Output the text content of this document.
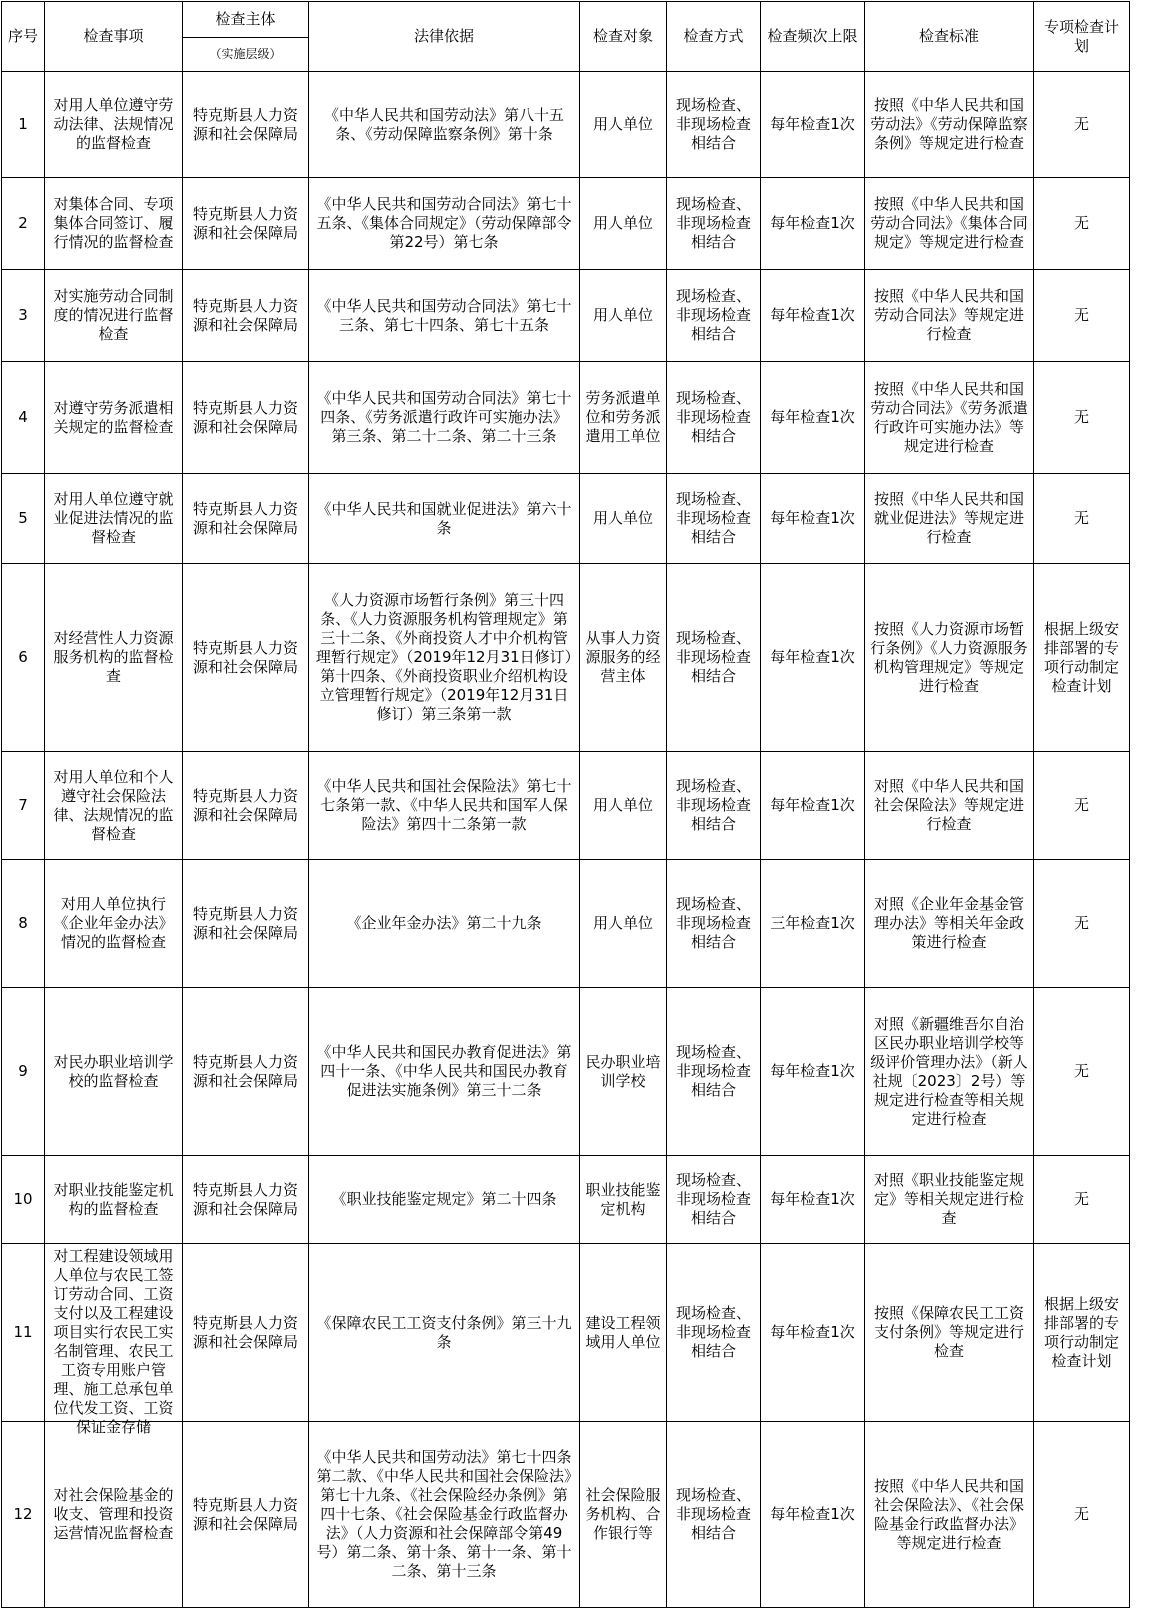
序号	检查事项	检查主体	法律依据	检查对象	检查方式	检查频次上限	检查标准	专项检查计划
		（实施层级）						

1	对用人单位遵守劳动法律、法规情况的监督检查	特克斯县人力资源和社会保障局	《中华人民共和国劳动法》第八十五条、《劳动保障监察条例》第十条	用人单位	现场检查、非现场检查相结合	每年检查1次	按照《中华人民共和国劳动法》《劳动保障监察条例》等规定进行检查	无

2	对集体合同、专项集体合同签订、履行情况的监督检查	特克斯县人力资源和社会保障局	《中华人民共和国劳动合同法》第七十五条、《集体合同规定》（劳动保障部令第22号）第七条	用人单位	现场检查、非现场检查相结合	每年检查1次	按照《中华人民共和国劳动合同法》《集体合同规定》等规定进行检查	无

3	对实施劳动合同制度的情况进行监督检查	特克斯县人力资源和社会保障局	《中华人民共和国劳动合同法》第七十三条、第七十四条、第七十五条	用人单位	现场检查、非现场检查相结合	每年检查1次	按照《中华人民共和国劳动合同法》等规定进行检查	无

4	对遵守劳务派遣相关规定的监督检查	特克斯县人力资源和社会保障局	《中华人民共和国劳动合同法》第七十四条、《劳务派遣行政许可实施办法》第三条、第二十二条、第二十三条	劳务派遣单位和劳务派遣用工单位	现场检查、非现场检查相结合	每年检查1次	按照《中华人民共和国劳动合同法》《劳务派遣行政许可实施办法》等规定进行检查	无

5	对用人单位遵守就业促进法情况的监督检查	特克斯县人力资源和社会保障局	《中华人民共和国就业促进法》第六十条	用人单位	现场检查、非现场检查相结合	每年检查1次	按照《中华人民共和国就业促进法》等规定进行检查	无

6	对经营性人力资源服务机构的监督检查	特克斯县人力资源和社会保障局	《人力资源市场暂行条例》第三十四条、《人力资源服务机构管理规定》第三十二条、《外商投资人才中介机构管理暂行规定》（2019年12月31日修订）第十四条、《外商投资职业介绍机构设立管理暂行规定》（2019年12月31日修订）第三条第一款	从事人力资源服务的经营主体	现场检查、非现场检查相结合	每年检查1次	按照《人力资源市场暂行条例》《人力资源服务机构管理规定》等规定进行检查	根据上级安排部署的专项行动制定检查计划

7	对用人单位和个人遵守社会保险法律、法规情况的监督检查	特克斯县人力资源和社会保障局	《中华人民共和国社会保险法》第七十七条第一款、《中华人民共和国军人保险法》第四十二条第一款	用人单位	现场检查、非现场检查相结合	每年检查1次	对照《中华人民共和国社会保险法》等规定进行检查	无

8	对用人单位执行《企业年金办法》情况的监督检查	特克斯县人力资源和社会保障局	《企业年金办法》第二十九条	用人单位	现场检查、非现场检查相结合	三年检查1次	对照《企业年金基金管理办法》等相关年金政策进行检查	无

9	对民办职业培训学校的监督检查	特克斯县人力资源和社会保障局	《中华人民共和国民办教育促进法》第四十一条、《中华人民共和国民办教育促进法实施条例》第三十二条	民办职业培训学校	现场检查、非现场检查相结合	每年检查1次	对照《新疆维吾尔自治区民办职业培训学校等级评价管理办法》（新人社规〔2023〕2号）等规定进行检查等相关规定进行检查	无

10	对职业技能鉴定机构的监督检查	特克斯县人力资源和社会保障局	《职业技能鉴定规定》第二十四条	职业技能鉴定机构	现场检查、非现场检查相结合	每年检查1次	对照《职业技能鉴定规定》等相关规定进行检查	无

11	对工程建设领域用人单位与农民工签订劳动合同、工资支付以及工程建设项目实行农民工实名制管理、农民工工资专用账户管理、施工总承包单位代发工资、工资保证金存储	特克斯县人力资源和社会保障局	《保障农民工工资支付条例》第三十九条	建设工程领域用人单位	现场检查、非现场检查相结合	每年检查1次	按照《保障农民工工资支付条例》等规定进行检查	根据上级安排部署的专项行动制定检查计划

12	对社会保险基金的收支、管理和投资运营情况监督检查	特克斯县人力资源和社会保障局	《中华人民共和国劳动法》第七十四条第二款、《中华人民共和国社会保险法》第七十九条、《社会保险经办条例》第四十七条、《社会保险基金行政监督办法》（人力资源和社会保障部令第49号）第二条、第十条、第十一条、第十二条、第十三条	社会保险服务机构、合作银行等	现场检查、非现场检查相结合	每年检查1次	按照《中华人民共和国社会保险法》、《社会保险基金行政监督办法》等规定进行检查	无
